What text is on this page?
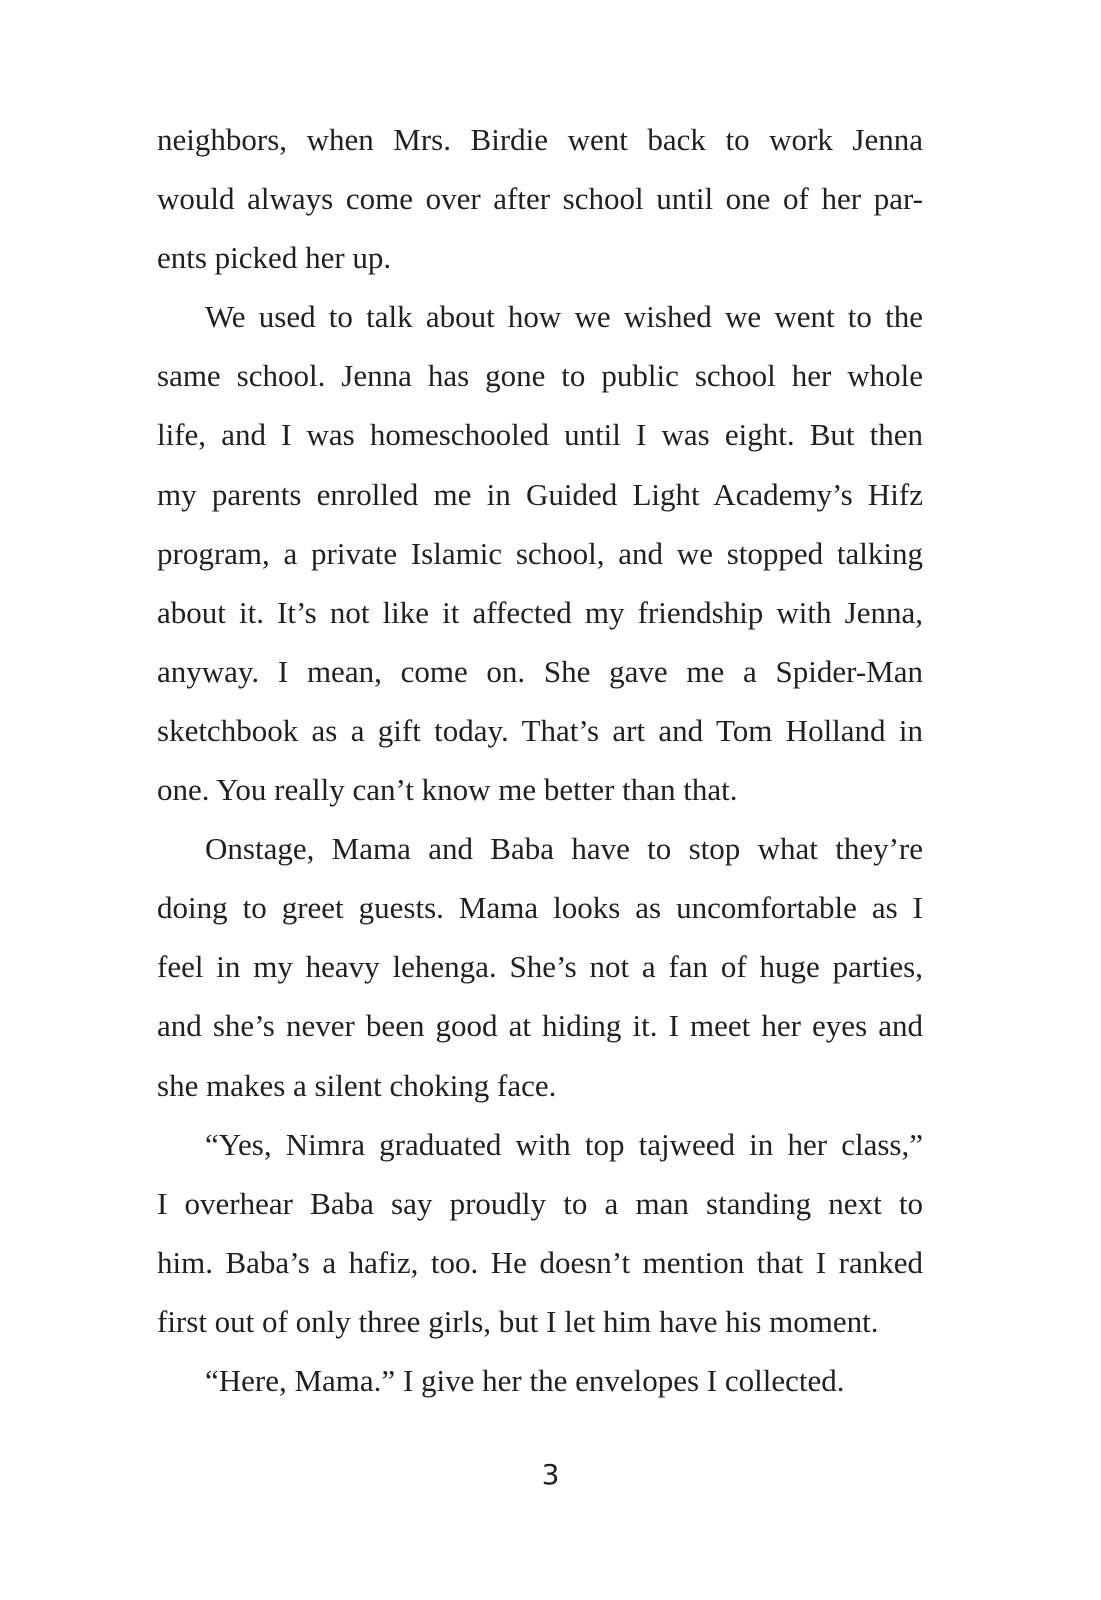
neighbors, when Mrs. Birdie went back to work Jenna
would always come over after school until one of her par-
ents picked her up.
We used to talk about how we wished we went to the
same school. Jenna has gone to public school her whole
life, and I was homeschooled until I was eight. But then
my parents enrolled me in Guided Light Academy’s Hifz
program, a private Islamic school, and we stopped talking
about it. It’s not like it affected my friendship with Jenna,
anyway. I mean, come on. She gave me a Spider-Man
sketchbook as a gift today. That’s art and Tom Holland in
one. You really can’t know me better than that.
Onstage, Mama and Baba have to stop what they’re
doing to greet guests. Mama looks as uncomfortable as I
feel in my heavy lehenga. She’s not a fan of huge parties,
and she’s never been good at hiding it. I meet her eyes and
she makes a silent choking face.
“Yes, Nimra graduated with top tajweed in her class,”
I overhear Baba say proudly to a man standing next to
him. Baba’s a hafiz, too. He doesn’t mention that I ranked
first out of only three girls, but I let him have his moment.
“Here, Mama.” I give her the envelopes I collected.
3
